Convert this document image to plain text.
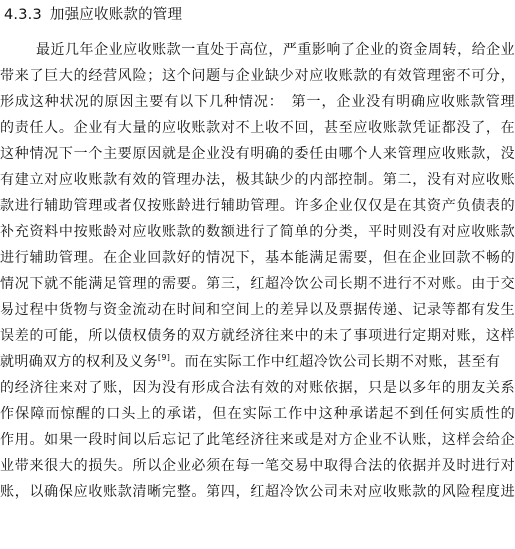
4.3.3 加强应收账款的管理
最近几年企业应收账款一直处于高位，严重影响了企业的资金周转，给企业
带来了巨大的经营风险；这个问题与企业缺少对应收账款的有效管理密不可分，
形成这种状况的原因主要有以下几种情况：　第一，企业没有明确应收账款管理
的责任人。企业有大量的应收账款对不上收不回，甚至应收账款凭证都没了，在
这种情况下一个主要原因就是企业没有明确的委任由哪个人来管理应收账款，没
有建立对应收账款有效的管理办法，极其缺少的内部控制。第二，没有对应收账
款进行辅助管理或者仅按账龄进行辅助管理。许多企业仅仅是在其资产负债表的
补充资料中按账龄对应收账款的数额进行了简单的分类，平时则没有对应收账款
进行辅助管理。在企业回款好的情况下，基本能满足需要，但在企业回款不畅的
情况下就不能满足管理的需要。第三，红超冷饮公司长期不进行不对账。由于交
易过程中货物与资金流动在时间和空间上的差异以及票据传递、记录等都有发生
误差的可能，所以债权债务的双方就经济往来中的未了事项进行定期对账，这样
就明确双方的权利及义务[9]。而在实际工作中红超冷饮公司长期不对账，甚至有
的经济往来对了账，因为没有形成合法有效的对账依据，只是以多年的朋友关系
作保障而惊醒的口头上的承诺，但在实际工作中这种承诺起不到任何实质性的
作用。如果一段时间以后忘记了此笔经济往来或是对方企业不认账，这样会给企
业带来很大的损失。所以企业必须在每一笔交易中取得合法的依据并及时进行对
账，以确保应收账款清晰完整。第四，红超冷饮公司未对应收账款的风险程度进
